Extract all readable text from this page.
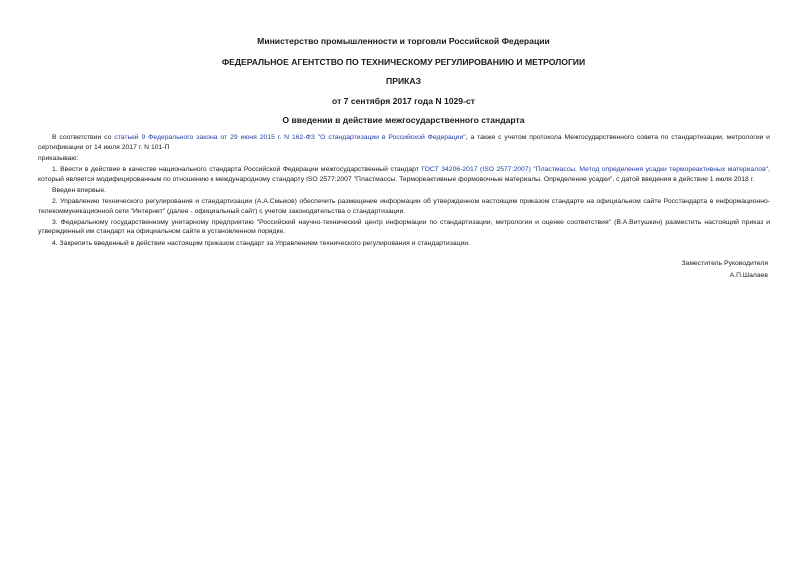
Министерство промышленности и торговли Российской Федерации
ФЕДЕРАЛЬНОЕ АГЕНТСТВО ПО ТЕХНИЧЕСКОМУ РЕГУЛИРОВАНИЮ И МЕТРОЛОГИИ
ПРИКАЗ
от 7 сентября 2017 года N 1029-ст
О введении в действие межгосударственного стандарта

В соответствии со статьей 9 Федерального закона от 29 июня 2015 г. N 162-ФЗ "О стандартизации в Российской Федерации", а также с учетом протокола Межгосударственного совета по стандартизации, метрологии и сертификации от 14 июля 2017 г. N 101-П

приказываю:

1. Ввести в действие в качестве национального стандарта Российской Федерации межгосударственный стандарт ГОСТ 34206-2017 (ISO 2577:2007) "Пластмассы. Метод определения усадки термореактивных материалов", который является модифицированным по отношению к международному стандарту ISO 2577:2007 "Пластмассы. Термореактивные формовочные материалы. Определение усадки", с датой введения в действие 1 июля 2018 г.

Введен впервые.

2. Управлению технического регулирования и стандартизации (А.А.Смыков) обеспечить размещение информации об утвержденном настоящим приказом стандарте на официальном сайте Росстандарта в информационно-телекоммуникационной сети "Интернет" (далее - официальный сайт) с учетом законодательства о стандартизации.

3. Федеральному государственному унитарному предприятию "Российский научно-технический центр информации по стандартизации, метрологии и оценке соответствия" (В.А.Витушкин) разместить настоящий приказ и утвержденный им стандарт на официальном сайте в установленном порядке.

4. Закрепить введенный в действие настоящим приказом стандарт за Управлением технического регулирования и стандартизации.

Заместитель Руководителя
А.П.Шалаев
